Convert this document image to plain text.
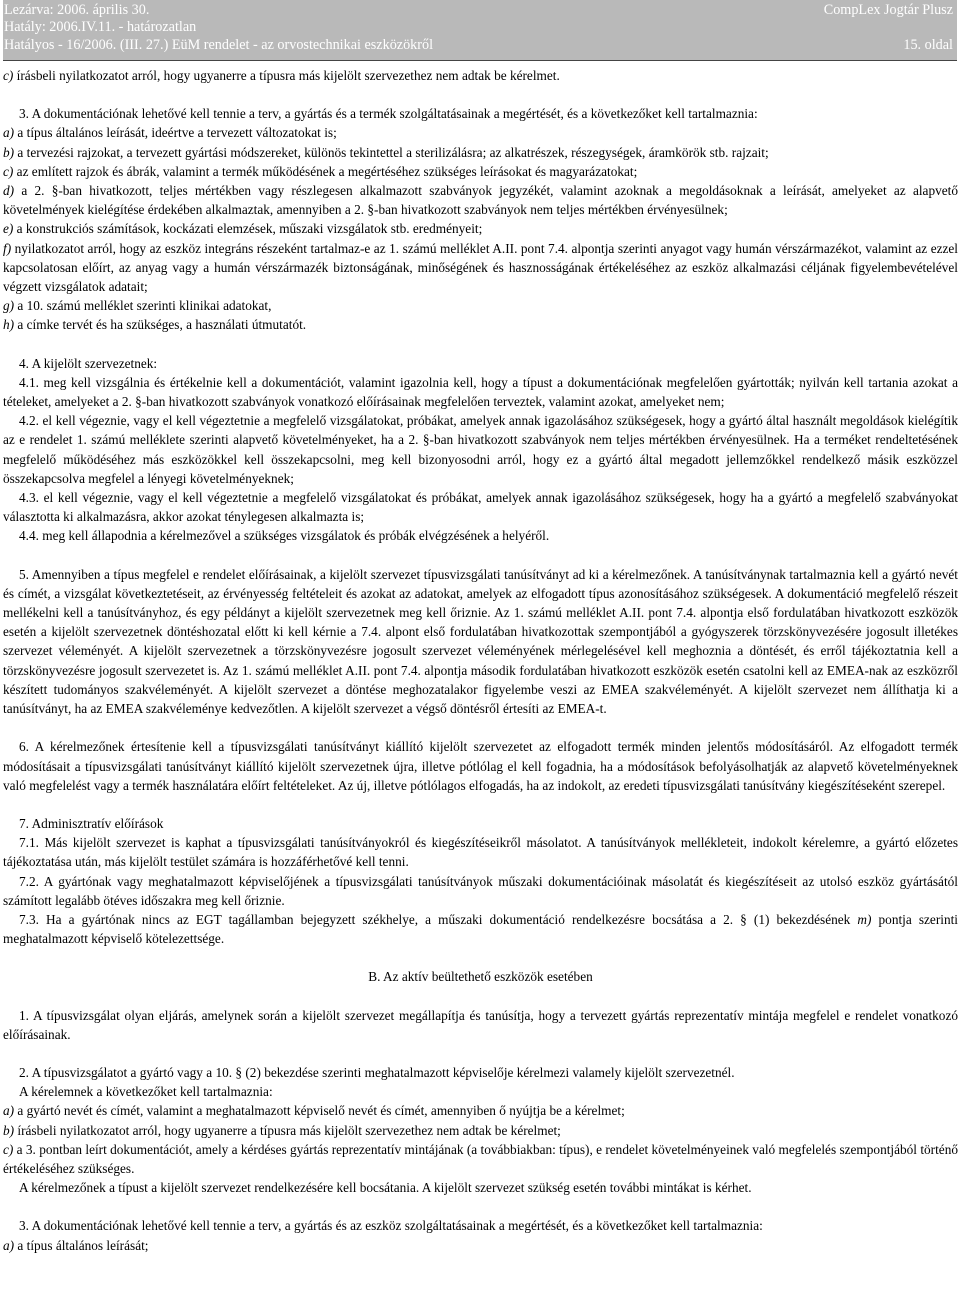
Lezárva: 2006. április 30.	CompLex Jogtár Plusz
Hatály: 2006.IV.11. - határozatlan
Hatályos - 16/2006. (III. 27.) EüM rendelet - az orvostechnikai eszközökről	15. oldal

c) írásbeli nyilatkozatot arról, hogy ugyanerre a típusra más kijelölt szervezethez nem adtak be kérelmet.

3. A dokumentációnak lehetővé kell tennie a terv, a gyártás és a termék szolgáltatásainak a megértését, és a következőket kell tartalmaznia:

a) a típus általános leírását, ideértve a tervezett változatokat is;

b) a tervezési rajzokat, a tervezett gyártási módszereket, különös tekintettel a sterilizálásra; az alkatrészek, részegységek, áramkörök stb. rajzait;

c) az említett rajzok és ábrák, valamint a termék működésének a megértéséhez szükséges leírásokat és magyarázatokat;

d) a 2. §-ban hivatkozott, teljes mértékben vagy részlegesen alkalmazott szabványok jegyzékét, valamint azoknak a megoldásoknak a leírását, amelyeket az alapvető követelmények kielégítése érdekében alkalmaztak, amennyiben a 2. §-ban hivatkozott szabványok nem teljes mértékben érvényesülnek;

e) a konstrukciós számítások, kockázati elemzések, műszaki vizsgálatok stb. eredményeit;

f) nyilatkozatot arról, hogy az eszköz integráns részeként tartalmaz-e az 1. számú melléklet A.II. pont 7.4. alpontja szerinti anyagot vagy humán vérszármazékot, valamint az ezzel kapcsolatosan előírt, az anyag vagy a humán vérszármazék biztonságának, minőségének és hasznosságának értékeléséhez az eszköz alkalmazási céljának figyelembevételével végzett vizsgálatok adatait;

g) a 10. számú melléklet szerinti klinikai adatokat,

h) a címke tervét és ha szükséges, a használati útmutatót.

4. A kijelölt szervezetnek:

4.1. meg kell vizsgálnia és értékelnie kell a dokumentációt, valamint igazolnia kell, hogy a típust a dokumentációnak megfelelően gyártották; nyilván kell tartania azokat a tételeket, amelyeket a 2. §-ban hivatkozott szabványok vonatkozó előírásainak megfelelően terveztek, valamint azokat, amelyeket nem;

4.2. el kell végeznie, vagy el kell végeztetnie a megfelelő vizsgálatokat, próbákat, amelyek annak igazolásához szükségesek, hogy a gyártó által használt megoldások kielégítik az e rendelet 1. számú melléklete szerinti alapvető követelményeket, ha a 2. §-ban hivatkozott szabványok nem teljes mértékben érvényesülnek. Ha a terméket rendeltetésének megfelelő működéséhez más eszközökkel kell összekapcsolni, meg kell bizonyosodni arról, hogy ez a gyártó által megadott jellemzőkkel rendelkező másik eszközzel összekapcsolva megfelel a lényegi követelményeknek;

4.3. el kell végeznie, vagy el kell végeztetnie a megfelelő vizsgálatokat és próbákat, amelyek annak igazolásához szükségesek, hogy ha a gyártó a megfelelő szabványokat választotta ki alkalmazásra, akkor azokat ténylegesen alkalmazta is;

4.4. meg kell állapodnia a kérelmezővel a szükséges vizsgálatok és próbák elvégzésének a helyéről.

5. Amennyiben a típus megfelel e rendelet előírásainak, a kijelölt szervezet típusvizsgálati tanúsítványt ad ki a kérelmezőnek. A tanúsítványnak tartalmaznia kell a gyártó nevét és címét, a vizsgálat következtetéseit, az érvényesség feltételeit és azokat az adatokat, amelyek az elfogadott típus azonosításához szükségesek. A dokumentáció megfelelő részeit mellékelni kell a tanúsítványhoz, és egy példányt a kijelölt szervezetnek meg kell őriznie. Az 1. számú melléklet A.II. pont 7.4. alpontja első fordulatában hivatkozott eszközök esetén a kijelölt szervezetnek döntéshozatal előtt ki kell kérnie a 7.4. alpont első fordulatában hivatkozottak szempontjából a gyógyszerek törzskönyvezésére jogosult illetékes szervezet véleményét. A kijelölt szervezetnek a törzskönyvezésre jogosult szervezet véleményének mérlegelésével kell meghoznia a döntését, és erről tájékoztatnia kell a törzskönyvezésre jogosult szervezetet is. Az 1. számú melléklet A.II. pont 7.4. alpontja második fordulatában hivatkozott eszközök esetén csatolni kell az EMEA-nak az eszközről készített tudományos szakvéleményét. A kijelölt szervezet a döntése meghozatalakor figyelembe veszi az EMEA szakvéleményét. A kijelölt szervezet nem állíthatja ki a tanúsítványt, ha az EMEA szakvéleménye kedvezőtlen. A kijelölt szervezet a végső döntésről értesíti az EMEA-t.

6. A kérelmezőnek értesítenie kell a típusvizsgálati tanúsítványt kiállító kijelölt szervezetet az elfogadott termék minden jelentős módosításáról. Az elfogadott termék módosításait a típusvizsgálati tanúsítványt kiállító kijelölt szervezetnek újra, illetve pótlólag el kell fogadnia, ha a módosítások befolyásolhatják az alapvető követelményeknek való megfelelést vagy a termék használatára előírt feltételeket. Az új, illetve pótlólagos elfogadás, ha az indokolt, az eredeti típusvizsgálati tanúsítvány kiegészítéseként szerepel.

7. Adminisztratív előírások

7.1. Más kijelölt szervezet is kaphat a típusvizsgálati tanúsítványokról és kiegészítéseikről másolatot. A tanúsítványok mellékleteit, indokolt kérelemre, a gyártó előzetes tájékoztatása után, más kijelölt testület számára is hozzáférhetővé kell tenni.

7.2. A gyártónak vagy meghatalmazott képviselőjének a típusvizsgálati tanúsítványok műszaki dokumentációinak másolatát és kiegészítéseit az utolsó eszköz gyártásától számított legalább ötéves időszakra meg kell őriznie.

7.3. Ha a gyártónak nincs az EGT tagállamban bejegyzett székhelye, a műszaki dokumentáció rendelkezésre bocsátása a 2. § (1) bekezdésének m) pontja szerinti meghatalmazott képviselő kötelezettsége.

B. Az aktív beültethető eszközök esetében

1. A típusvizsgálat olyan eljárás, amelynek során a kijelölt szervezet megállapítja és tanúsítja, hogy a tervezett gyártás reprezentatív mintája megfelel e rendelet vonatkozó előírásainak.

2. A típusvizsgálatot a gyártó vagy a 10. § (2) bekezdése szerinti meghatalmazott képviselője kérelmezi valamely kijelölt szervezetnél.

A kérelemnek a következőket kell tartalmaznia:

a) a gyártó nevét és címét, valamint a meghatalmazott képviselő nevét és címét, amennyiben ő nyújtja be a kérelmet;

b) írásbeli nyilatkozatot arról, hogy ugyanerre a típusra más kijelölt szervezethez nem adtak be kérelmet;

c) a 3. pontban leírt dokumentációt, amely a kérdéses gyártás reprezentatív mintájának (a továbbiakban: típus), e rendelet követelményeinek való megfelelés szempontjából történő értékeléséhez szükséges.

A kérelmezőnek a típust a kijelölt szervezet rendelkezésére kell bocsátania. A kijelölt szervezet szükség esetén további mintákat is kérhet.

3. A dokumentációnak lehetővé kell tennie a terv, a gyártás és az eszköz szolgáltatásainak a megértését, és a következőket kell tartalmaznia:

a) a típus általános leírását;
